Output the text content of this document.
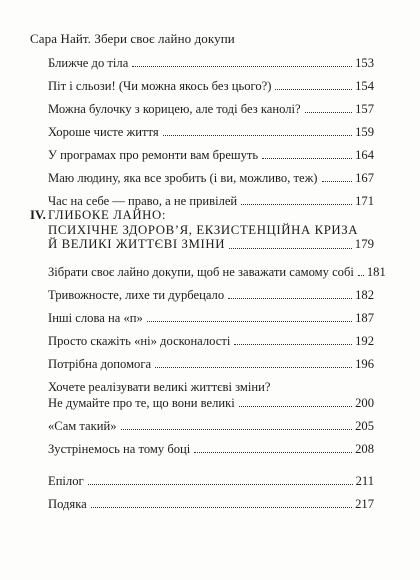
Сара Найт. Збери своє лайно докупи
Ближче до тіла	153
Піт і сльози! (Чи можна якось без цього?)	154
Можна булочку з корицею, але тоді без канолі?	157
Хороше чисте життя	159
У програмах про ремонти вам брешуть	164
Маю людину, яка все зробить (і ви, можливо, теж)	167
Час на себе — право, а не привілей	171
IV. ГЛИБОКЕ ЛАЙНО:
ПСИХІЧНЕ ЗДОРОВ’Я, ЕКЗИСТЕНЦІЙНА КРИЗА
Й ВЕЛИКІ ЖИТТЄВІ ЗМІНИ	179
Зібрати своє лайно докупи, щоб не заважати самому собі 181
Тривожносте, лихе ти дурбецало	182
Інші слова на «п»	187
Просто скажіть «ні» досконалості	192
Потрібна допомога	196
Хочете реалізувати великі життєві зміни?
Не думайте про те, що вони великі	200
«Сам такий»	205
Зустрінемось на тому боці	208
Епілог	211
Подяка	217
